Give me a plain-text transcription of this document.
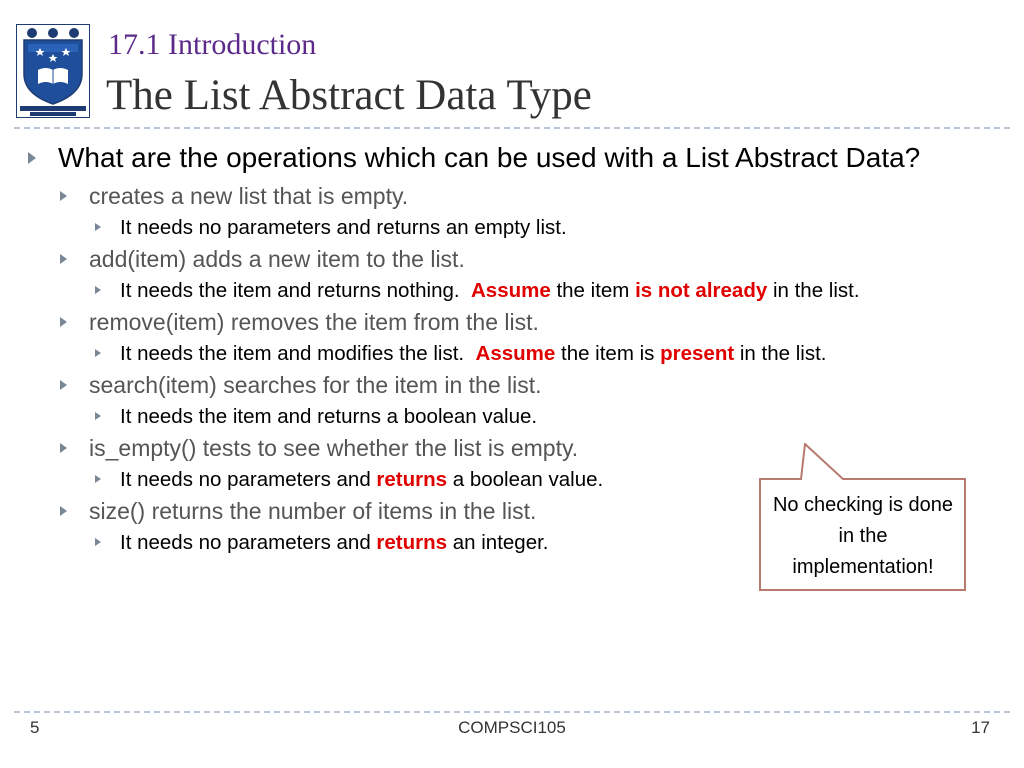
17.1 Introduction
The List Abstract Data Type
What are the operations which can be used with a List Abstract Data?
creates a new list that is empty.
It needs no parameters and returns an empty list.
add(item) adds a new item to the list.
It needs the item and returns nothing.  Assume the item is not already in the list.
remove(item) removes the item from the list.
It needs the item and modifies the list.  Assume the item is present in the list.
search(item) searches for the item in the list.
It needs the item and returns a boolean value.
is_empty() tests to see whether the list is empty.
It needs no parameters and returns a boolean value.
size() returns the number of items in the list.
It needs no parameters and returns an integer.
No checking is done in the implementation!
5	COMPSCI105	17
